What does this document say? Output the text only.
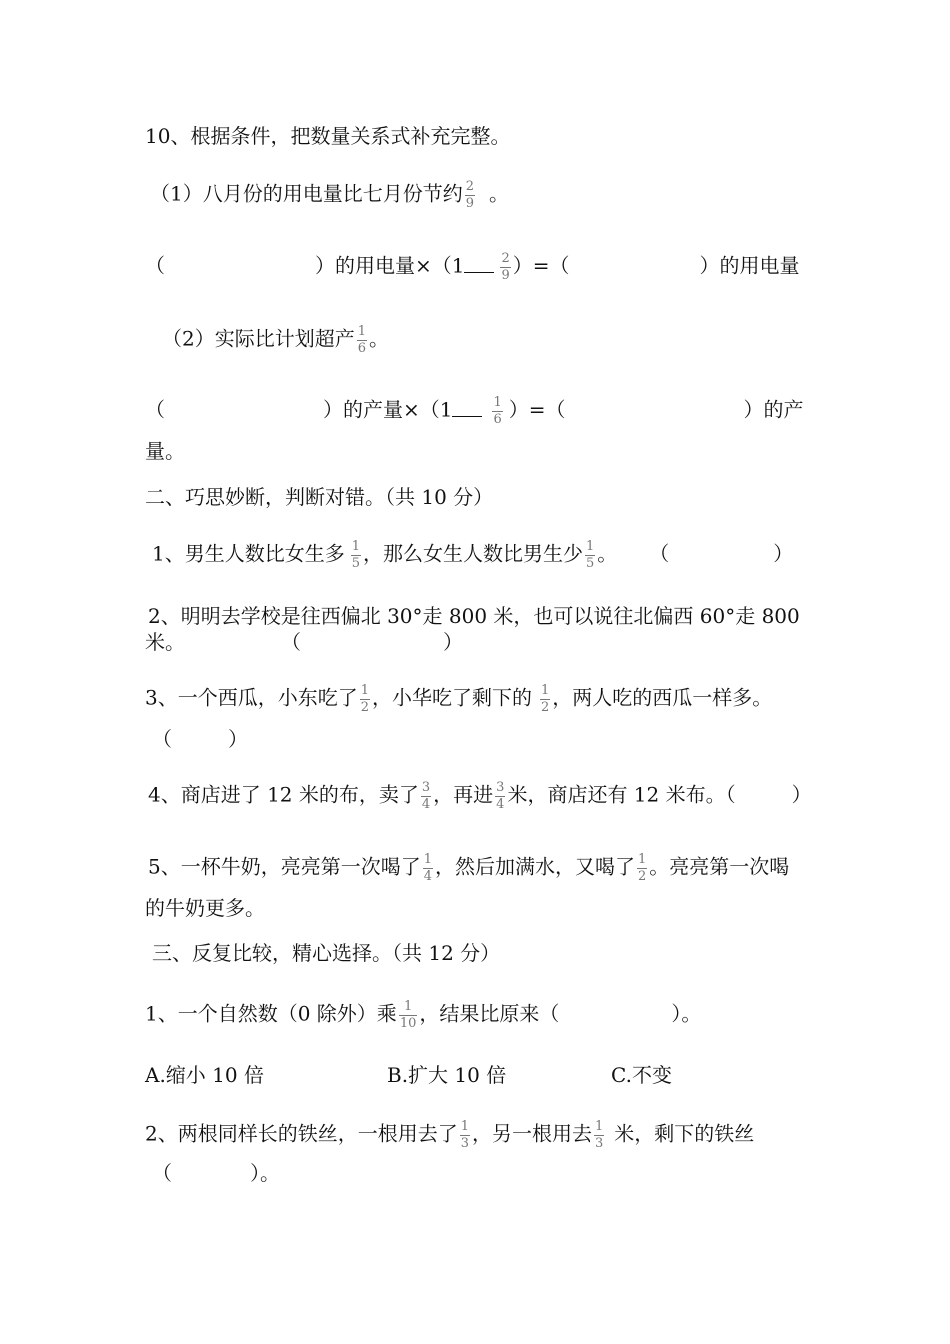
10、根据条件，把数量关系式补充完整。
（1）八月份的用电量比七月份节约 $\frac{2}{9}$ 。
（	）的用电量×（1	$\frac{2}{9}$ ）=（	）的用电量
（2）实际比计划超产 $\frac{1}{6}$ 。
（	）的产量×（1	$\frac{1}{6}$ ）=（	）的产
量。
二、巧思妙断，判断对错。（共 10 分）
1、男生人数比女生多 $\frac{1}{5}$ ，那么女生人数比男生少 $\frac{1}{5}$ 。 （	）
2、明明去学校是往西偏北 30°走 800 米，也可以说往北偏西 60°走 800
米。	（	）
3、一个西瓜，小东吃了 $\frac{1}{2}$ ，小华吃了剩下的 $\frac{1}{2}$ ，两人吃的西瓜一样多。
（	）
4、商店进了 12 米的布，卖了 $\frac{3}{4}$ ，再进 $\frac{3}{4}$ 米，商店还有 12 米布。（	）
5、一杯牛奶，亮亮第一次喝了 $\frac{1}{4}$ ，然后加满水，又喝了 $\frac{1}{2}$ 。亮亮第一次喝
的牛奶更多。
三、反复比较，精心选择。（共 12 分）
1、一个自然数（0 除外）乘 $\frac{1}{10}$ ，结果比原来（	）。
A.缩小 10 倍	B.扩大 10 倍	C.不变
2、两根同样长的铁丝，一根用去了 $\frac{1}{3}$ ，另一根用去 $\frac{1}{3}$ 米，剩下的铁丝
（	）。
